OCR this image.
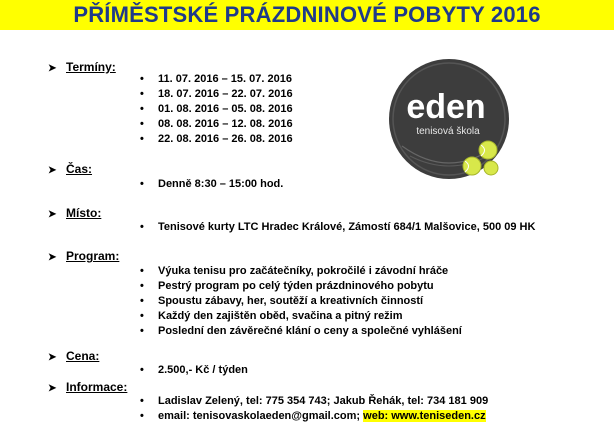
PŘÍMĚSTSKÉ PRÁZDNINOVÉ POBYTY 2016
eden
tenisová škola
➤ Termíny:
• 11. 07. 2016 – 15. 07. 2016
• 18. 07. 2016 – 22. 07. 2016
• 01. 08. 2016 – 05. 08. 2016
• 08. 08. 2016 – 12. 08. 2016
• 22. 08. 2016 – 26. 08. 2016
➤ Čas:
• Denně 8:30 – 15:00 hod.
➤ Místo:
• Tenisové kurty LTC Hradec Králové, Zámostí 684/1 Malšovice, 500 09 HK
➤ Program:
• Výuka tenisu pro začátečníky, pokročilé i závodní hráče
• Pestrý program po celý týden prázdninového pobytu
• Spoustu zábavy, her, soutěží a kreativních činností
• Každý den zajištěn oběd, svačina a pitný režim
• Poslední den závěrečné klání o ceny a společné vyhlášení
➤ Cena:
• 2.500,- Kč / týden
➤ Informace:
• Ladislav Zelený, tel: 775 354 743; Jakub Řehák, tel: 734 181 909
• email: tenisovaskolaeden@gmail.com; web: www.teniseden.cz
